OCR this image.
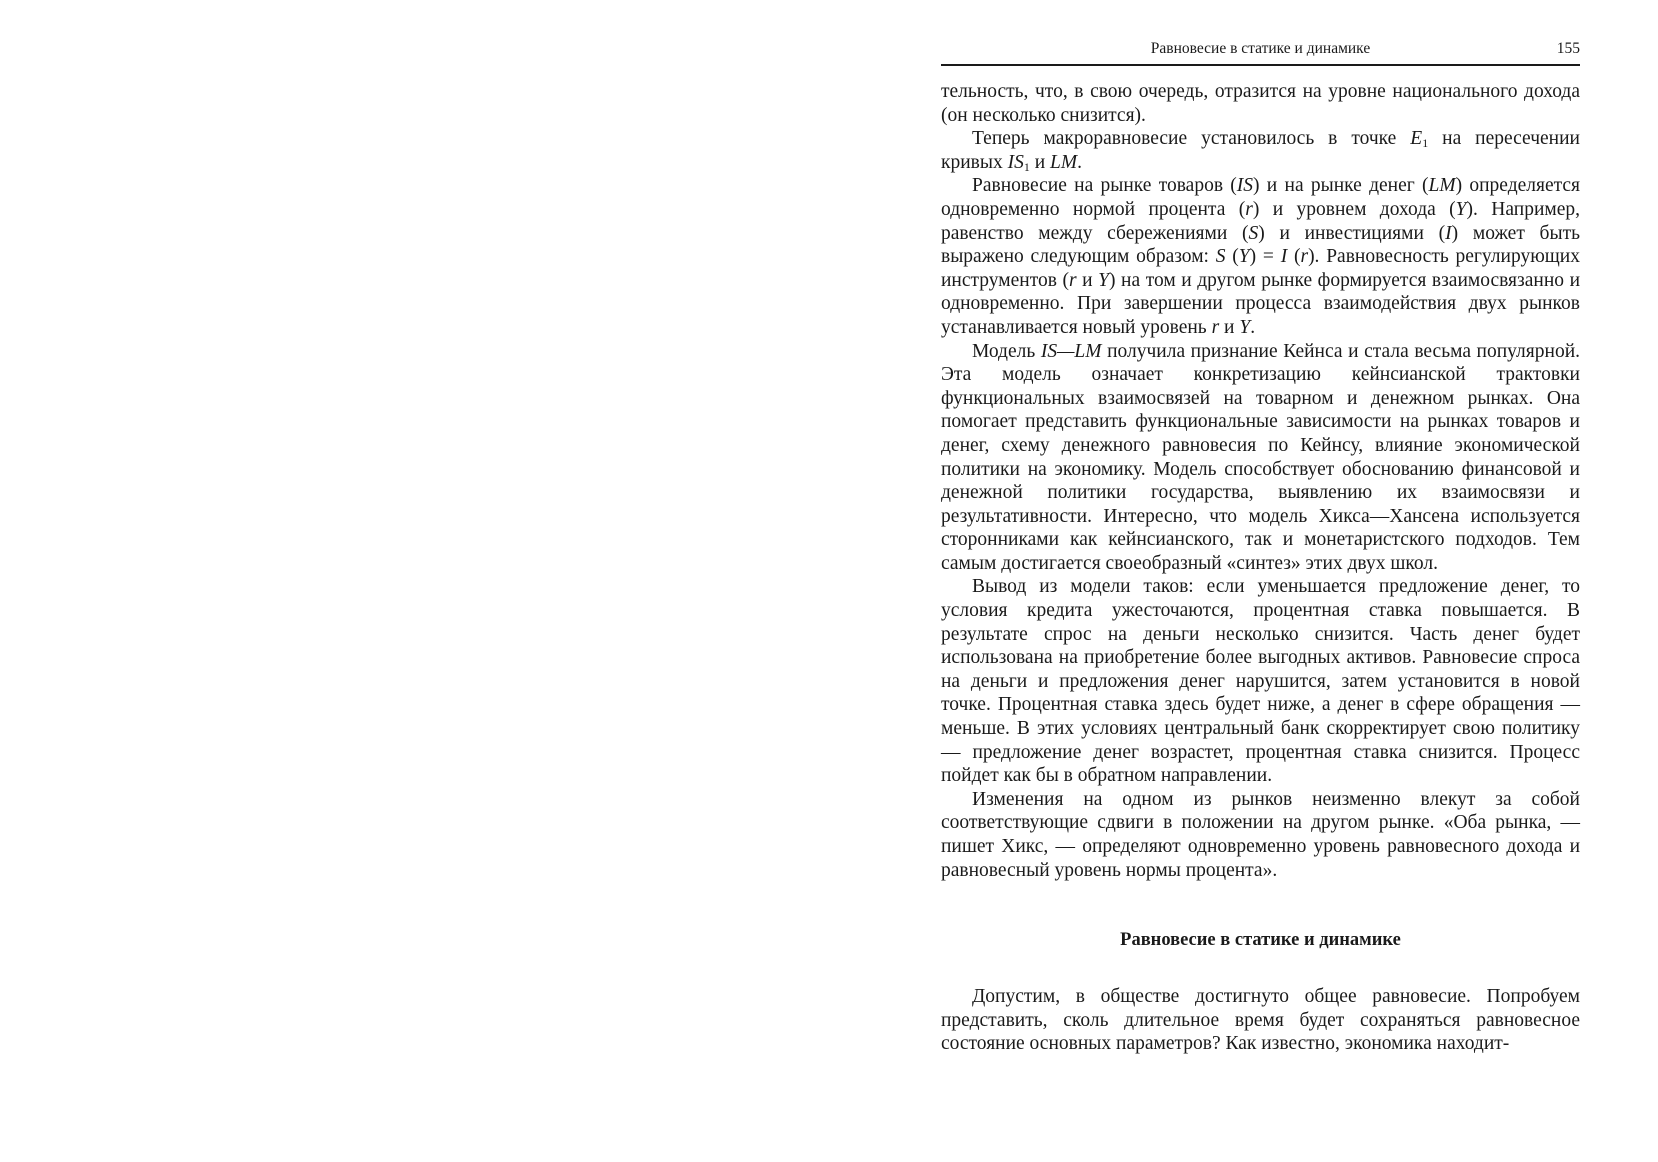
Равновесие в статике и динамике	155

тельность, что, в свою очередь, отразится на уровне национального дохода (он несколько снизится).

Теперь макроравновесие установилось в точке $E_1$ на пересечении кривых $IS_1$ и LM.

Равновесие на рынке товаров (IS) и на рынке денег (LM) определяется одновременно нормой процента (r) и уровнем дохода (Y). Например, равенство между сбережениями (S) и инвестициями (I) может быть выражено следующим образом: S (Y) = I (r). Равновесность регулирующих инструментов (r и Y) на том и другом рынке формируется взаимосвязанно и одновременно. При завершении процесса взаимодействия двух рынков устанавливается новый уровень r и Y.

Модель IS—LM получила признание Кейнса и стала весьма популярной. Эта модель означает конкретизацию кейнсианской трактовки функциональных взаимосвязей на товарном и денежном рынках. Она помогает представить функциональные зависимости на рынках товаров и денег, схему денежного равновесия по Кейнсу, влияние экономической политики на экономику. Модель способствует обоснованию финансовой и денежной политики государства, выявлению их взаимосвязи и результативности. Интересно, что модель Хикса—Хансена используется сторонниками как кейнсианского, так и монетаристского подходов. Тем самым достигается своеобразный «синтез» этих двух школ.

Вывод из модели таков: если уменьшается предложение денег, то условия кредита ужесточаются, процентная ставка повышается. В результате спрос на деньги несколько снизится. Часть денег будет использована на приобретение более выгодных активов. Равновесие спроса на деньги и предложения денег нарушится, затем установится в новой точке. Процентная ставка здесь будет ниже, а денег в сфере обращения — меньше. В этих условиях центральный банк скорректирует свою политику — предложение денег возрастет, процентная ставка снизится. Процесс пойдет как бы в обратном направлении.

Изменения на одном из рынков неизменно влекут за собой соответствующие сдвиги в положении на другом рынке. «Оба рынка, — пишет Хикс, — определяют одновременно уровень равновесного дохода и равновесный уровень нормы процента».

Равновесие в статике и динамике

Допустим, в обществе достигнуто общее равновесие. Попробуем представить, сколь длительное время будет сохраняться равновесное состояние основных параметров? Как известно, экономика находит-
